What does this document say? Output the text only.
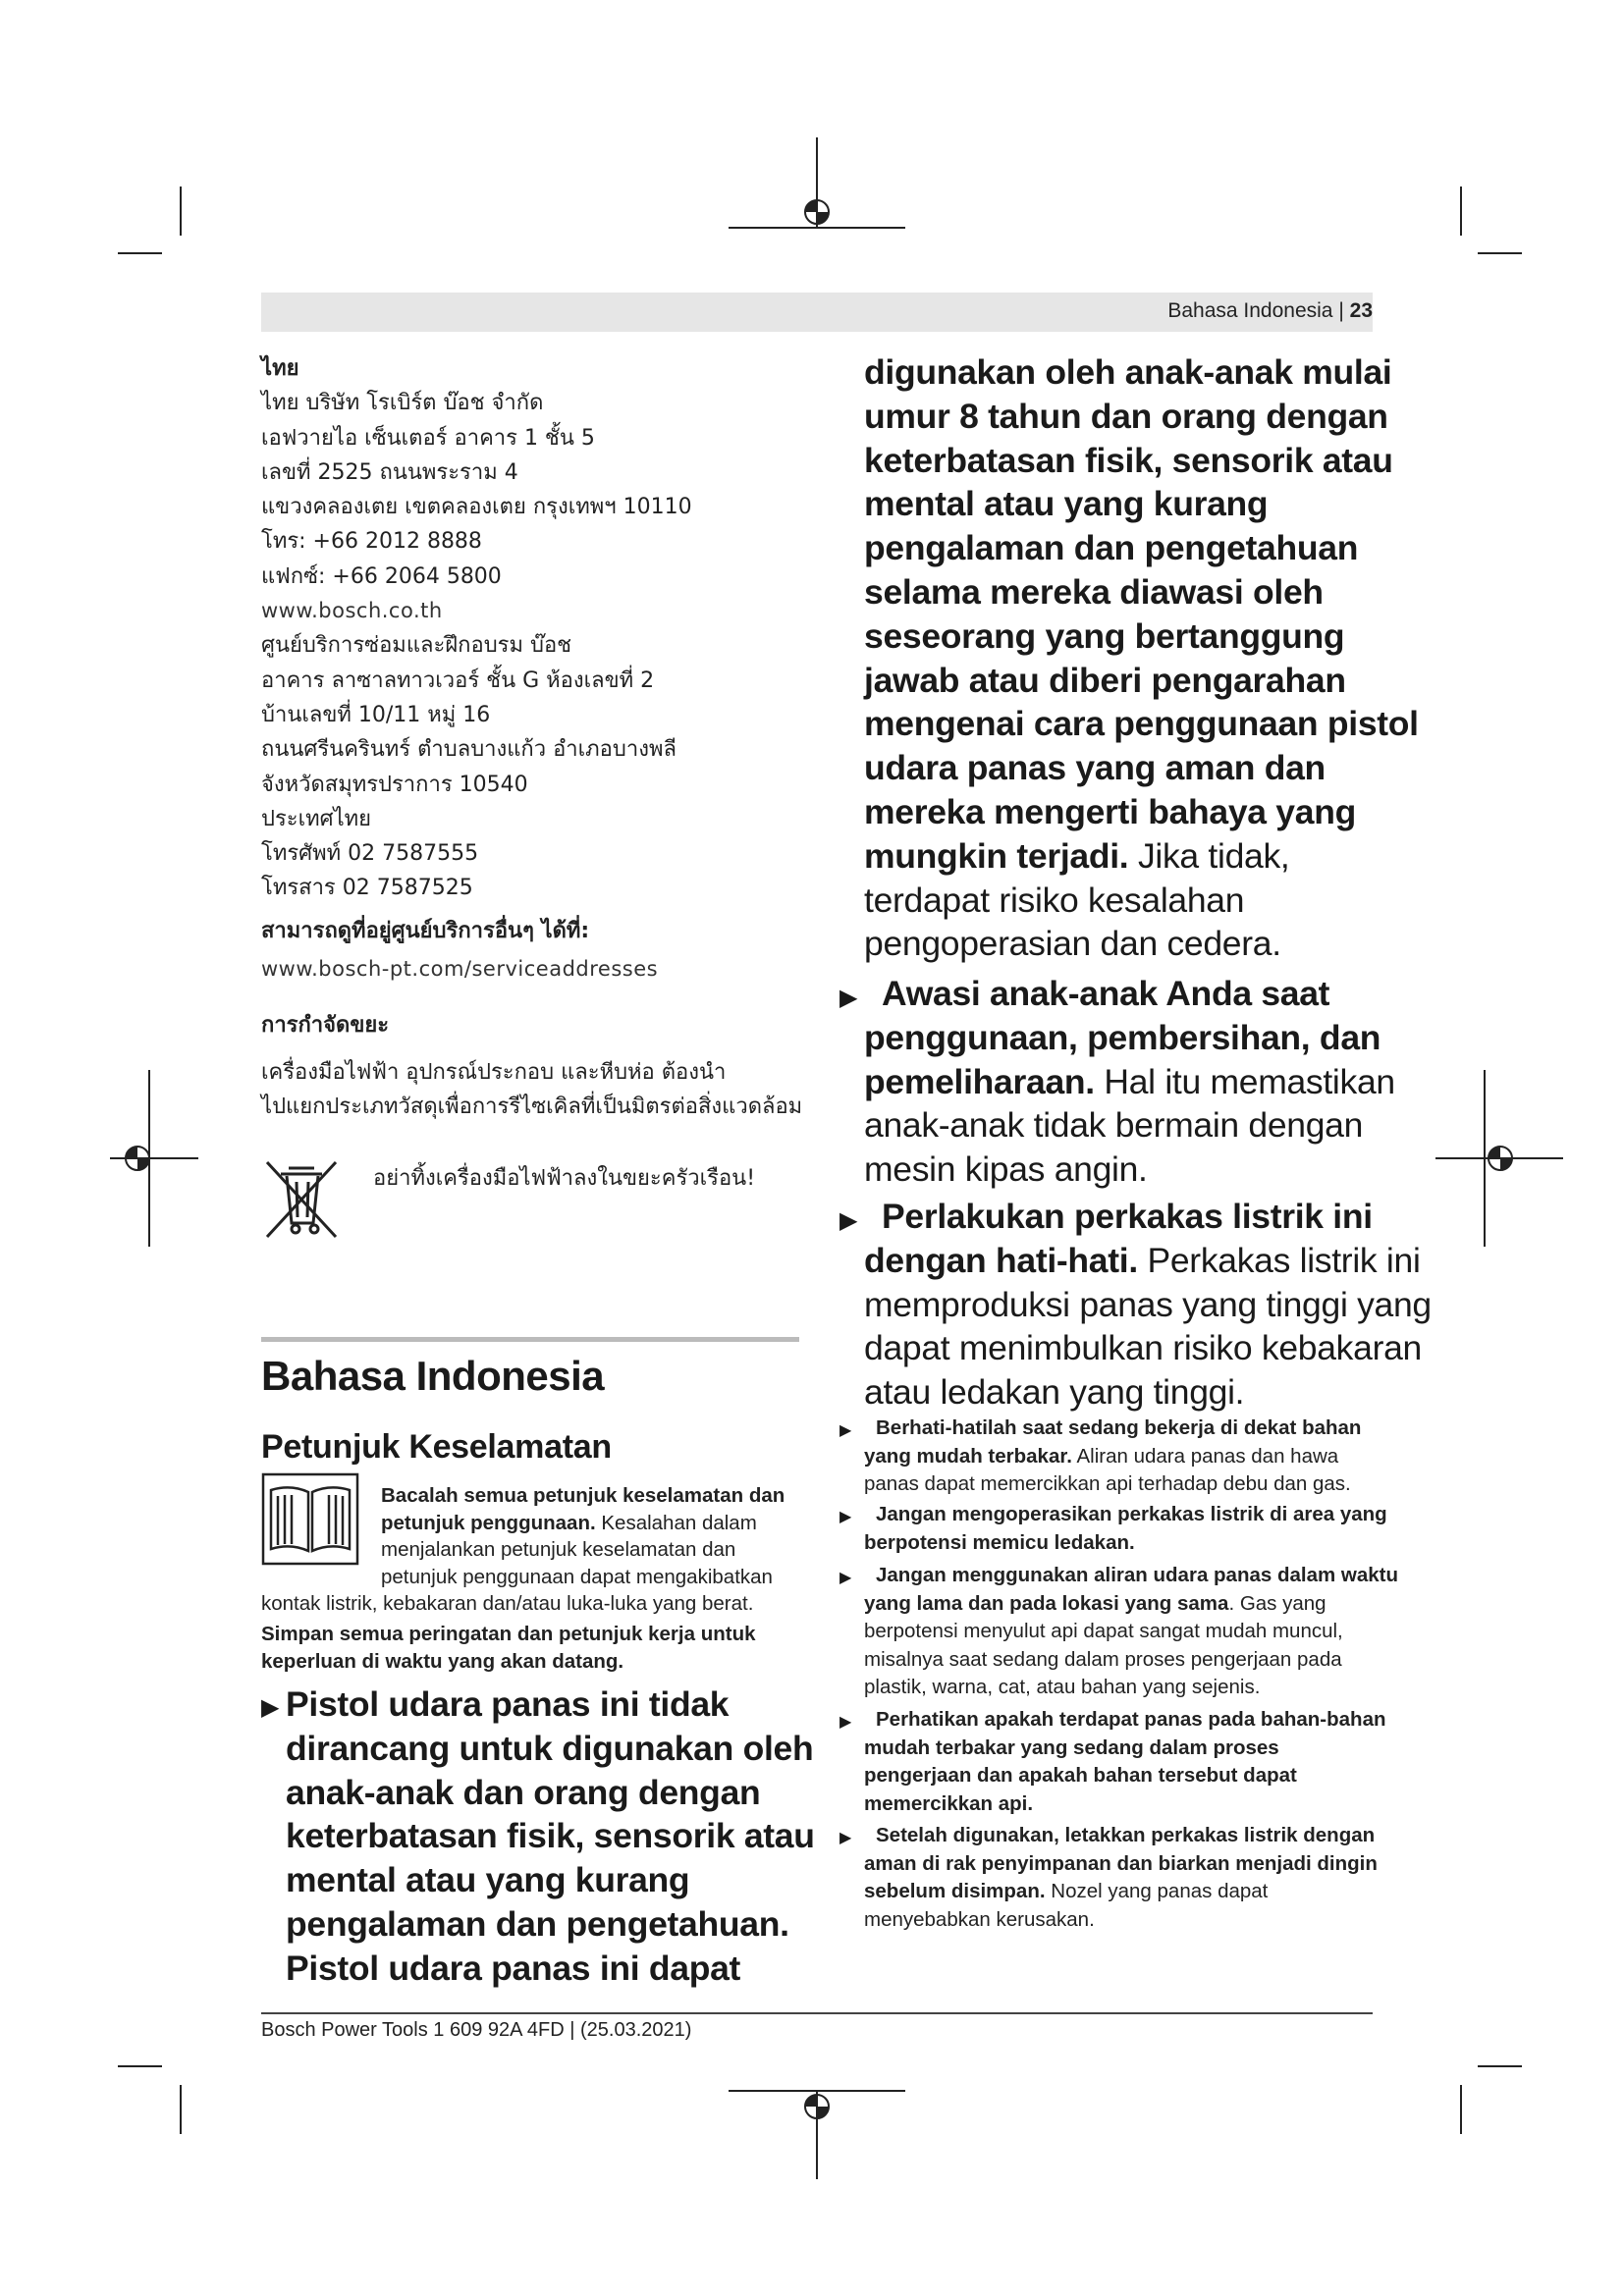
Bahasa Indonesia | 23
ไทย
ไทย บริษัท โรเบิร์ต บ๊อช จำกัด
เอฟวายไอ เซ็นเตอร์ อาคาร 1 ชั้น 5
เลขที่ 2525 ถนนพระราม 4
แขวงคลองเตย เขตคลองเตย กรุงเทพฯ 10110
โทร: +66 2012 8888
แฟกซ์: +66 2064 5800
www.bosch.co.th
ศูนย์บริการซ่อมและฝึกอบรม บ๊อช
อาคาร ลาซาลทาวเวอร์ ชั้น G ห้องเลขที่ 2
บ้านเลขที่ 10/11 หมู่ 16
ถนนศรีนครินทร์ ตำบลบางแก้ว อำเภอบางพลี
จังหวัดสมุทรปราการ 10540
ประเทศไทย
โทรศัพท์ 02 7587555
โทรสาร 02 7587525
สามารถดูที่อยู่ศูนย์บริการอื่นๆ ได้ที่:
www.bosch-pt.com/serviceaddresses
การกำจัดขยะ
เครื่องมือไฟฟ้า อุปกรณ์ประกอบ และหีบห่อ ต้องนำ
ไปแยกประเภทวัสดุเพื่อการรีไซเคิลที่เป็นมิตรต่อสิ่งแวดล้อม
อย่าทิ้งเครื่องมือไฟฟ้าลงในขยะครัวเรือน!
Bahasa Indonesia
Petunjuk Keselamatan
Bacalah semua petunjuk keselamatan dan
petunjuk penggunaan. Kesalahan dalam
menjalankan petunjuk keselamatan dan
petunjuk penggunaan dapat mengakibatkan
kontak listrik, kebakaran dan/atau luka-luka yang berat.
Simpan semua peringatan dan petunjuk kerja untuk
keperluan di waktu yang akan datang.
▶ Pistol udara panas ini tidak
dirancang untuk digunakan oleh
anak-anak dan orang dengan
keterbatasan fisik, sensorik atau
mental atau yang kurang
pengalaman dan pengetahuan.
Pistol udara panas ini dapat
digunakan oleh anak-anak mulai
umur 8 tahun dan orang dengan
keterbatasan fisik, sensorik atau
mental atau yang kurang
pengalaman dan pengetahuan
selama mereka diawasi oleh
seseorang yang bertanggung
jawab atau diberi pengarahan
mengenai cara penggunaan pistol
udara panas yang aman dan
mereka mengerti bahaya yang
mungkin terjadi. Jika tidak,
terdapat risiko kesalahan
pengoperasian dan cedera.
▶ Awasi anak-anak Anda saat
penggunaan, pembersihan, dan
pemeliharaan. Hal itu memastikan
anak-anak tidak bermain dengan
mesin kipas angin.
▶ Perlakukan perkakas listrik ini
dengan hati-hati. Perkakas listrik ini
memproduksi panas yang tinggi yang
dapat menimbulkan risiko kebakaran
atau ledakan yang tinggi.
▶	Berhati-hatilah saat sedang bekerja di dekat bahan
yang mudah terbakar. Aliran udara panas dan hawa
panas dapat memercikkan api terhadap debu dan gas.
▶	Jangan mengoperasikan perkakas listrik di area yang
berpotensi memicu ledakan.
▶	Jangan menggunakan aliran udara panas dalam waktu
yang lama dan pada lokasi yang sama. Gas yang
berpotensi menyulut api dapat sangat mudah muncul,
misalnya saat sedang dalam proses pengerjaan pada
plastik, warna, cat, atau bahan yang sejenis.
▶	Perhatikan apakah terdapat panas pada bahan-bahan
mudah terbakar yang sedang dalam proses
pengerjaan dan apakah bahan tersebut dapat
memercikkan api.
▶	Setelah digunakan, letakkan perkakas listrik dengan
aman di rak penyimpanan dan biarkan menjadi dingin
sebelum disimpan. Nozel yang panas dapat
menyebabkan kerusakan.
Bosch Power Tools 1 609 92A 4FD | (25.03.2021)
